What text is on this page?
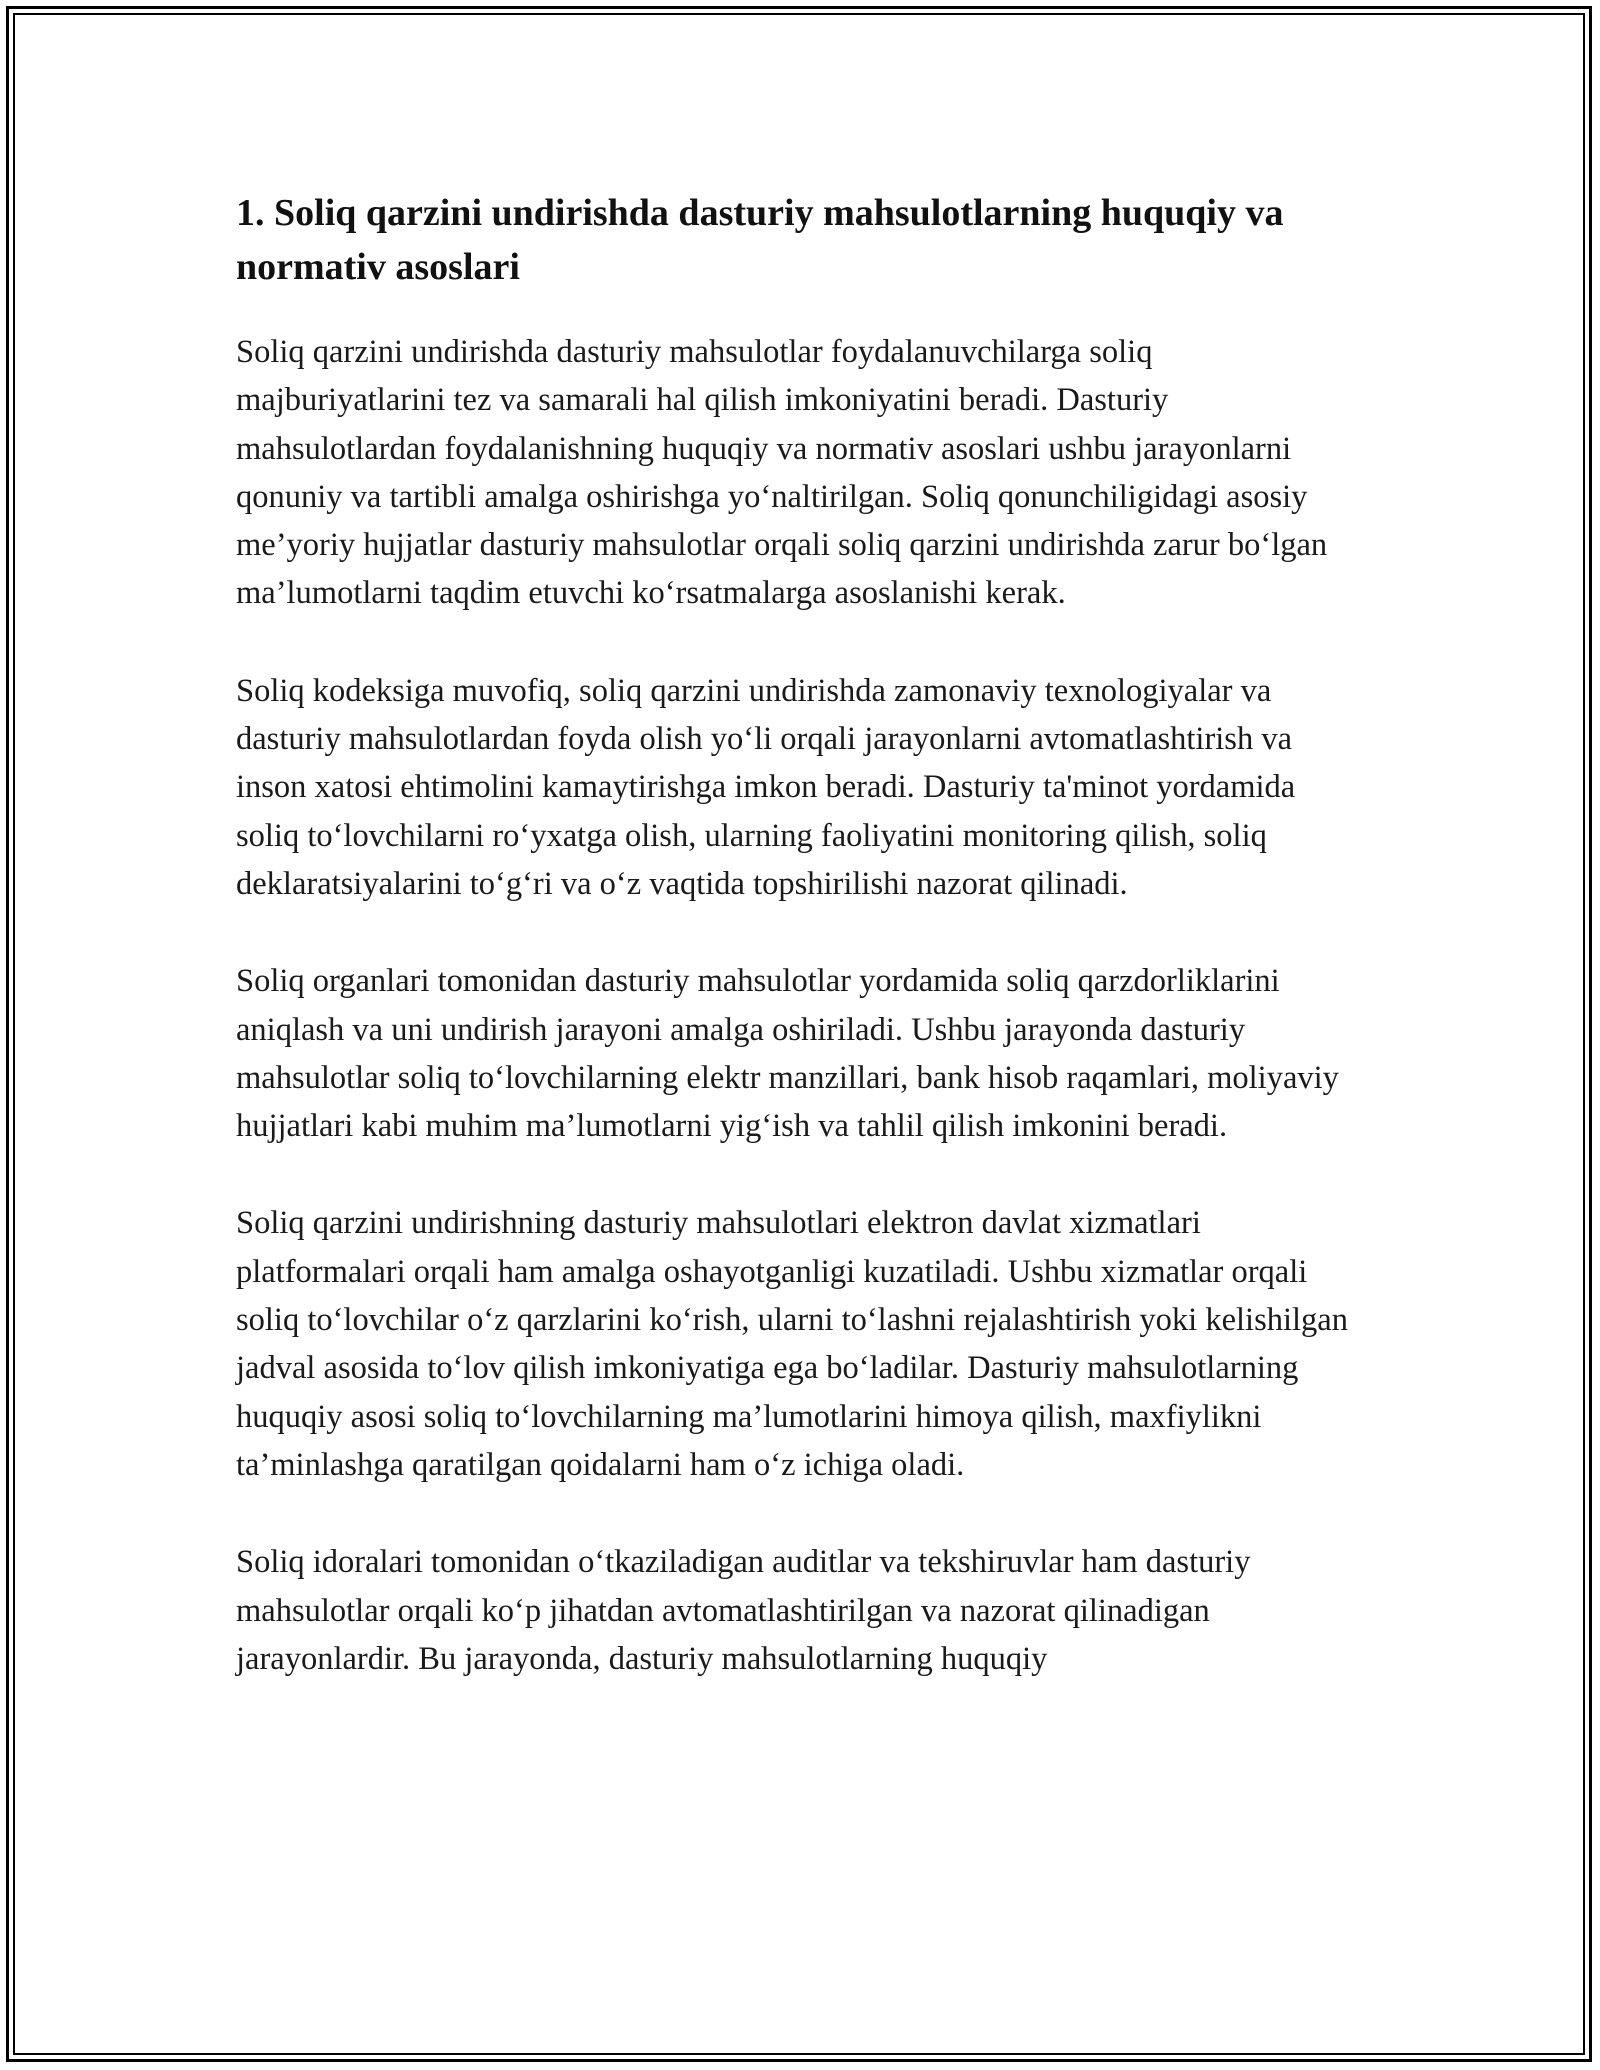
1. Soliq qarzini undirishda dasturiy mahsulotlarning huquqiy va normativ asoslari

Soliq qarzini undirishda dasturiy mahsulotlar foydalanuvchilarga soliq majburiyatlarini tez va samarali hal qilish imkoniyatini beradi. Dasturiy mahsulotlardan foydalanishning huquqiy va normativ asoslari ushbu jarayonlarni qonuniy va tartibli amalga oshirishga yo‘naltirilgan. Soliq qonunchiligidagi asosiy me’yoriy hujjatlar dasturiy mahsulotlar orqali soliq qarzini undirishda zarur bo‘lgan ma’lumotlarni taqdim etuvchi ko‘rsatmalarga asoslanishi kerak.

Soliq kodeksiga muvofiq, soliq qarzini undirishda zamonaviy texnologiyalar va dasturiy mahsulotlardan foyda olish yo‘li orqali jarayonlarni avtomatlashtirish va inson xatosi ehtimolini kamaytirishga imkon beradi. Dasturiy ta'minot yordamida soliq to‘lovchilarni ro‘yxatga olish, ularning faoliyatini monitoring qilish, soliq deklaratsiyalarini to‘g‘ri va o‘z vaqtida topshirilishi nazorat qilinadi.

Soliq organlari tomonidan dasturiy mahsulotlar yordamida soliq qarzdorliklarini aniqlash va uni undirish jarayoni amalga oshiriladi. Ushbu jarayonda dasturiy mahsulotlar soliq to‘lovchilarning elektr manzillari, bank hisob raqamlari, moliyaviy hujjatlari kabi muhim ma’lumotlarni yig‘ish va tahlil qilish imkonini beradi.

Soliq qarzini undirishning dasturiy mahsulotlari elektron davlat xizmatlari platformalari orqali ham amalga oshayotganligi kuzatiladi. Ushbu xizmatlar orqali soliq to‘lovchilar o‘z qarzlarini ko‘rish, ularni to‘lashni rejalashtirish yoki kelishilgan jadval asosida to‘lov qilish imkoniyatiga ega bo‘ladilar. Dasturiy mahsulotlarning huquqiy asosi soliq to‘lovchilarning ma’lumotlarini himoya qilish, maxfiylikni ta’minlashga qaratilgan qoidalarni ham o‘z ichiga oladi.

Soliq idoralari tomonidan o‘tkaziladigan auditlar va tekshiruvlar ham dasturiy mahsulotlar orqali ko‘p jihatdan avtomatlashtirilgan va nazorat qilinadigan jarayonlardir. Bu jarayonda, dasturiy mahsulotlarning huquqiy
